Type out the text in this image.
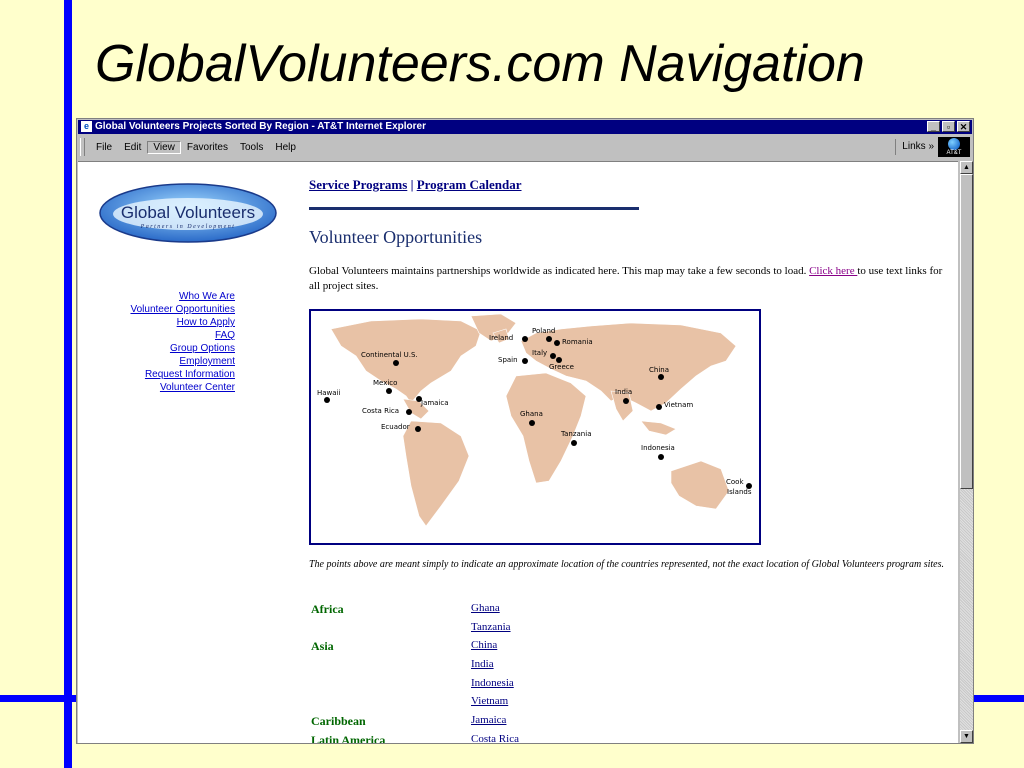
GlobalVolunteers.com Navigation
e Global Volunteers Projects Sorted By Region - AT&T Internet Explorer	_	▫	✕
File	Edit	View	Favorites	Tools	Help	Links »
AT&T
Global Volunteers
Partners in Development
Who We Are
Volunteer Opportunities
How to Apply
FAQ
Group Options
Employment
Request Information
Volunteer Center
Service Programs | Program Calendar
Volunteer Opportunities
Global Volunteers maintains partnerships worldwide as indicated here. This map may take a few seconds to load. Click here to use text links for all project sites.
Ireland
Poland
Romania
Italy
Spain
Greece
Continental U.S.
Mexico
Hawaii
Jamaica
Costa Rica
Ecuador
Ghana
Tanzania
India
China
Vietnam
Indonesia
Cook
Islands
The points above are meant simply to indicate an approximate location of the countries represented, not the exact location of Global Volunteers program sites.
Africa	Ghana
Tanzania
Asia	China
India
Indonesia
Vietnam
Caribbean	Jamaica
Latin America	Costa Rica
▲
▼
